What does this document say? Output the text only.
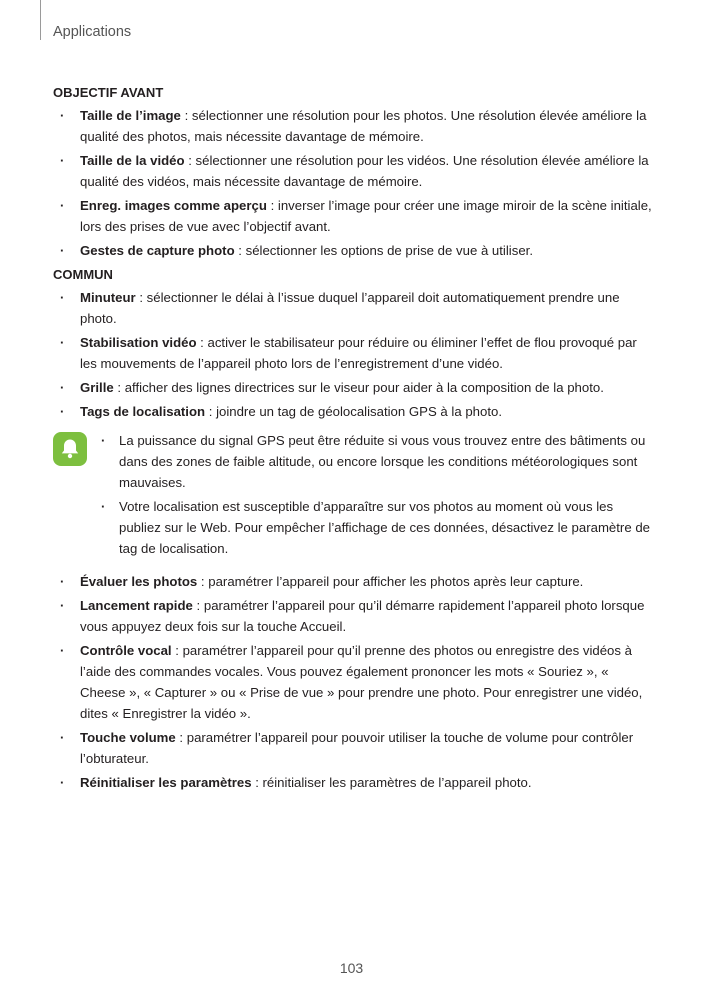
Applications

OBJECTIF AVANT

· Taille de l’image : sélectionner une résolution pour les photos. Une résolution élevée améliore la qualité des photos, mais nécessite davantage de mémoire.
· Taille de la vidéo : sélectionner une résolution pour les vidéos. Une résolution élevée améliore la qualité des vidéos, mais nécessite davantage de mémoire.
· Enreg. images comme aperçu : inverser l’image pour créer une image miroir de la scène initiale, lors des prises de vue avec l’objectif avant.
· Gestes de capture photo : sélectionner les options de prise de vue à utiliser.

COMMUN

· Minuteur : sélectionner le délai à l’issue duquel l’appareil doit automatiquement prendre une photo.
· Stabilisation vidéo : activer le stabilisateur pour réduire ou éliminer l’effet de flou provoqué par les mouvements de l’appareil photo lors de l’enregistrement d’une vidéo.
· Grille : afficher des lignes directrices sur le viseur pour aider à la composition de la photo.
· Tags de localisation : joindre un tag de géolocalisation GPS à la photo.
· La puissance du signal GPS peut être réduite si vous vous trouvez entre des bâtiments ou dans des zones de faible altitude, ou encore lorsque les conditions météorologiques sont mauvaises.
· Votre localisation est susceptible d’apparaître sur vos photos au moment où vous les publiez sur le Web. Pour empêcher l’affichage de ces données, désactivez le paramètre de tag de localisation.
· Évaluer les photos : paramétrer l’appareil pour afficher les photos après leur capture.
· Lancement rapide : paramétrer l’appareil pour qu’il démarre rapidement l’appareil photo lorsque vous appuyez deux fois sur la touche Accueil.
· Contrôle vocal : paramétrer l’appareil pour qu’il prenne des photos ou enregistre des vidéos à l’aide des commandes vocales. Vous pouvez également prononcer les mots « Souriez », « Cheese », « Capturer » ou « Prise de vue » pour prendre une photo. Pour enregistrer une vidéo, dites « Enregistrer la vidéo ».
· Touche volume : paramétrer l’appareil pour pouvoir utiliser la touche de volume pour contrôler l’obturateur.
· Réinitialiser les paramètres : réinitialiser les paramètres de l’appareil photo.
103
